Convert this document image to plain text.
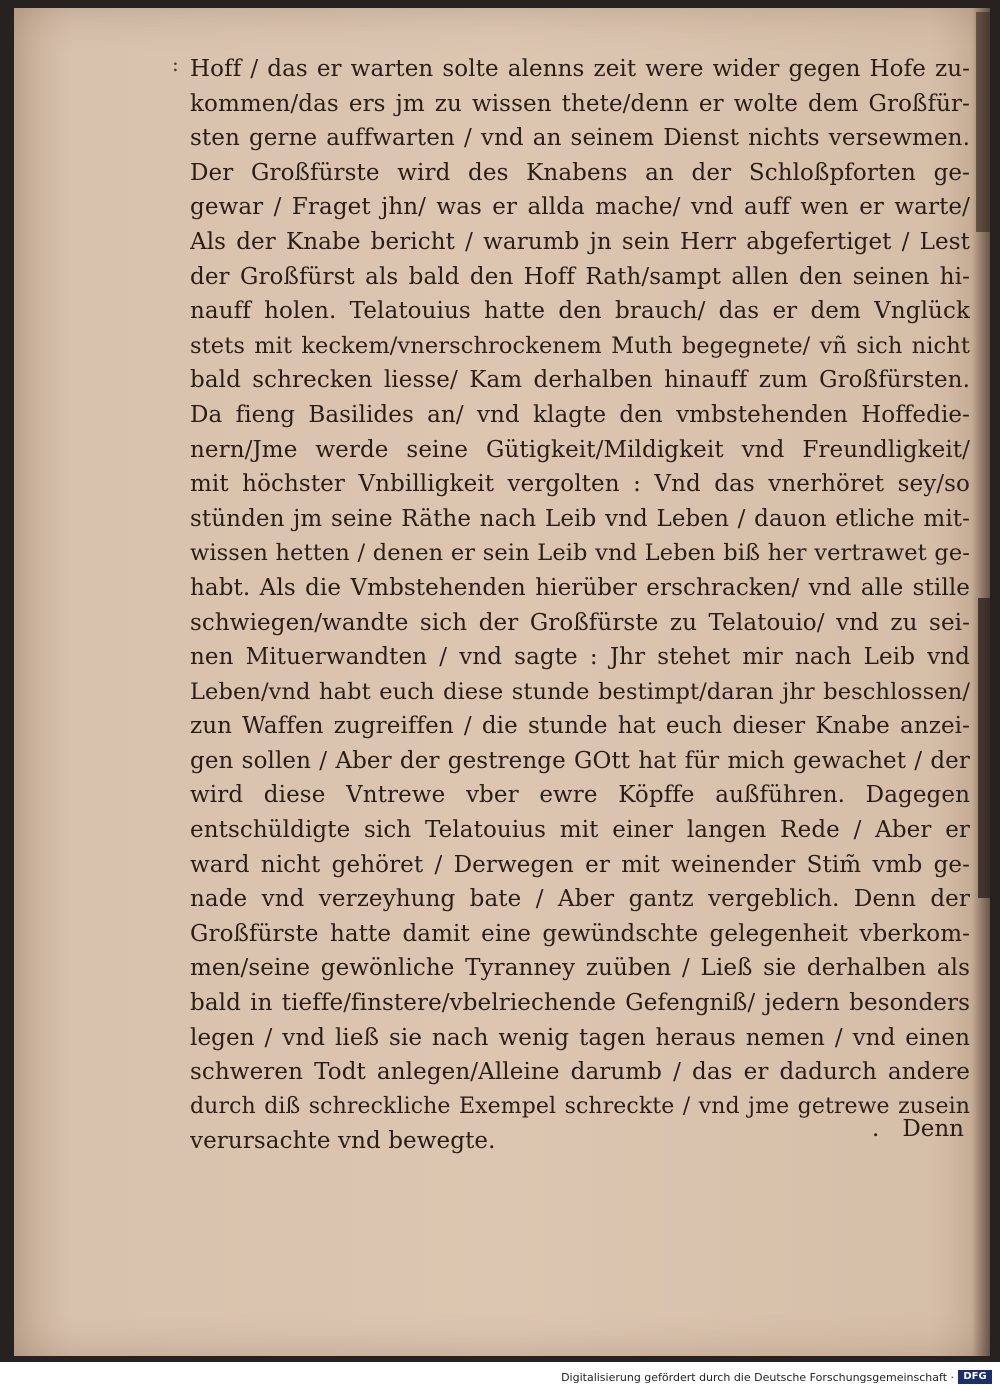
: Hoff / das er warten solte alenns zeit were wider gegen Hofe zu-
kommen/das ers jm zu wissen thete/denn er wolte dem Großfür-
sten gerne auffwarten / vnd an seinem Dienst nichts versewmen.
Der Großfürste wird des Knabens an der Schloßpforten ge-
gewar / Fraget jhn/ was er allda mache/ vnd auff wen er warte/
Als der Knabe bericht / warumb jn sein Herr abgefertiget / Lest
der Großfürst als bald den Hoff Rath/sampt allen den seinen hi-
nauff holen. Telatouius hatte den brauch/ das er dem Vnglück
stets mit keckem/vnerschrockenem Muth begegnete/ vñ sich nicht
bald schrecken liesse/ Kam derhalben hinauff zum Großfürsten.
Da fieng Basilides an/ vnd klagte den vmbstehenden Hoffedie-
nern/Jme werde seine Gütigkeit/Mildigkeit vnd Freundligkeit/
mit höchster Vnbilligkeit vergolten : Vnd das vnerhöret sey/so
stünden jm seine Räthe nach Leib vnd Leben / dauon etliche mit-
wissen hetten / denen er sein Leib vnd Leben biß her vertrawet ge-
habt. Als die Vmbstehenden hierüber erschracken/ vnd alle stille
schwiegen/wandte sich der Großfürste zu Telatouio/ vnd zu sei-
nen Mituerwandten / vnd sagte : Jhr stehet mir nach Leib vnd
Leben/vnd habt euch diese stunde bestimpt/daran jhr beschlossen/
zun Waffen zugreiffen / die stunde hat euch dieser Knabe anzei-
gen sollen / Aber der gestrenge GOtt hat für mich gewachet / der
wird diese Vntrewe vber ewre Köpffe außführen. Dagegen
entschüldigte sich Telatouius mit einer langen Rede / Aber er
ward nicht gehöret / Derwegen er mit weinender Stim̃ vmb ge-
nade vnd verzeyhung bate / Aber gantz vergeblich. Denn der
Großfürste hatte damit eine gewündschte gelegenheit vberkom-
men/seine gewönliche Tyranney zuüben / Ließ sie derhalben als
bald in tieffe/finstere/vbelriechende Gefengniß/ jedern besonders
legen / vnd ließ sie nach wenig tagen heraus nemen / vnd einen
schweren Todt anlegen/Alleine darumb / das er dadurch andere
durch diß schreckliche Exempel schreckte / vnd jme getrewe zusein
verursachte vnd bewegte.	. Denn
Digitalisierung gefördert durch die Deutsche Forschungsgemeinschaft · DFG
